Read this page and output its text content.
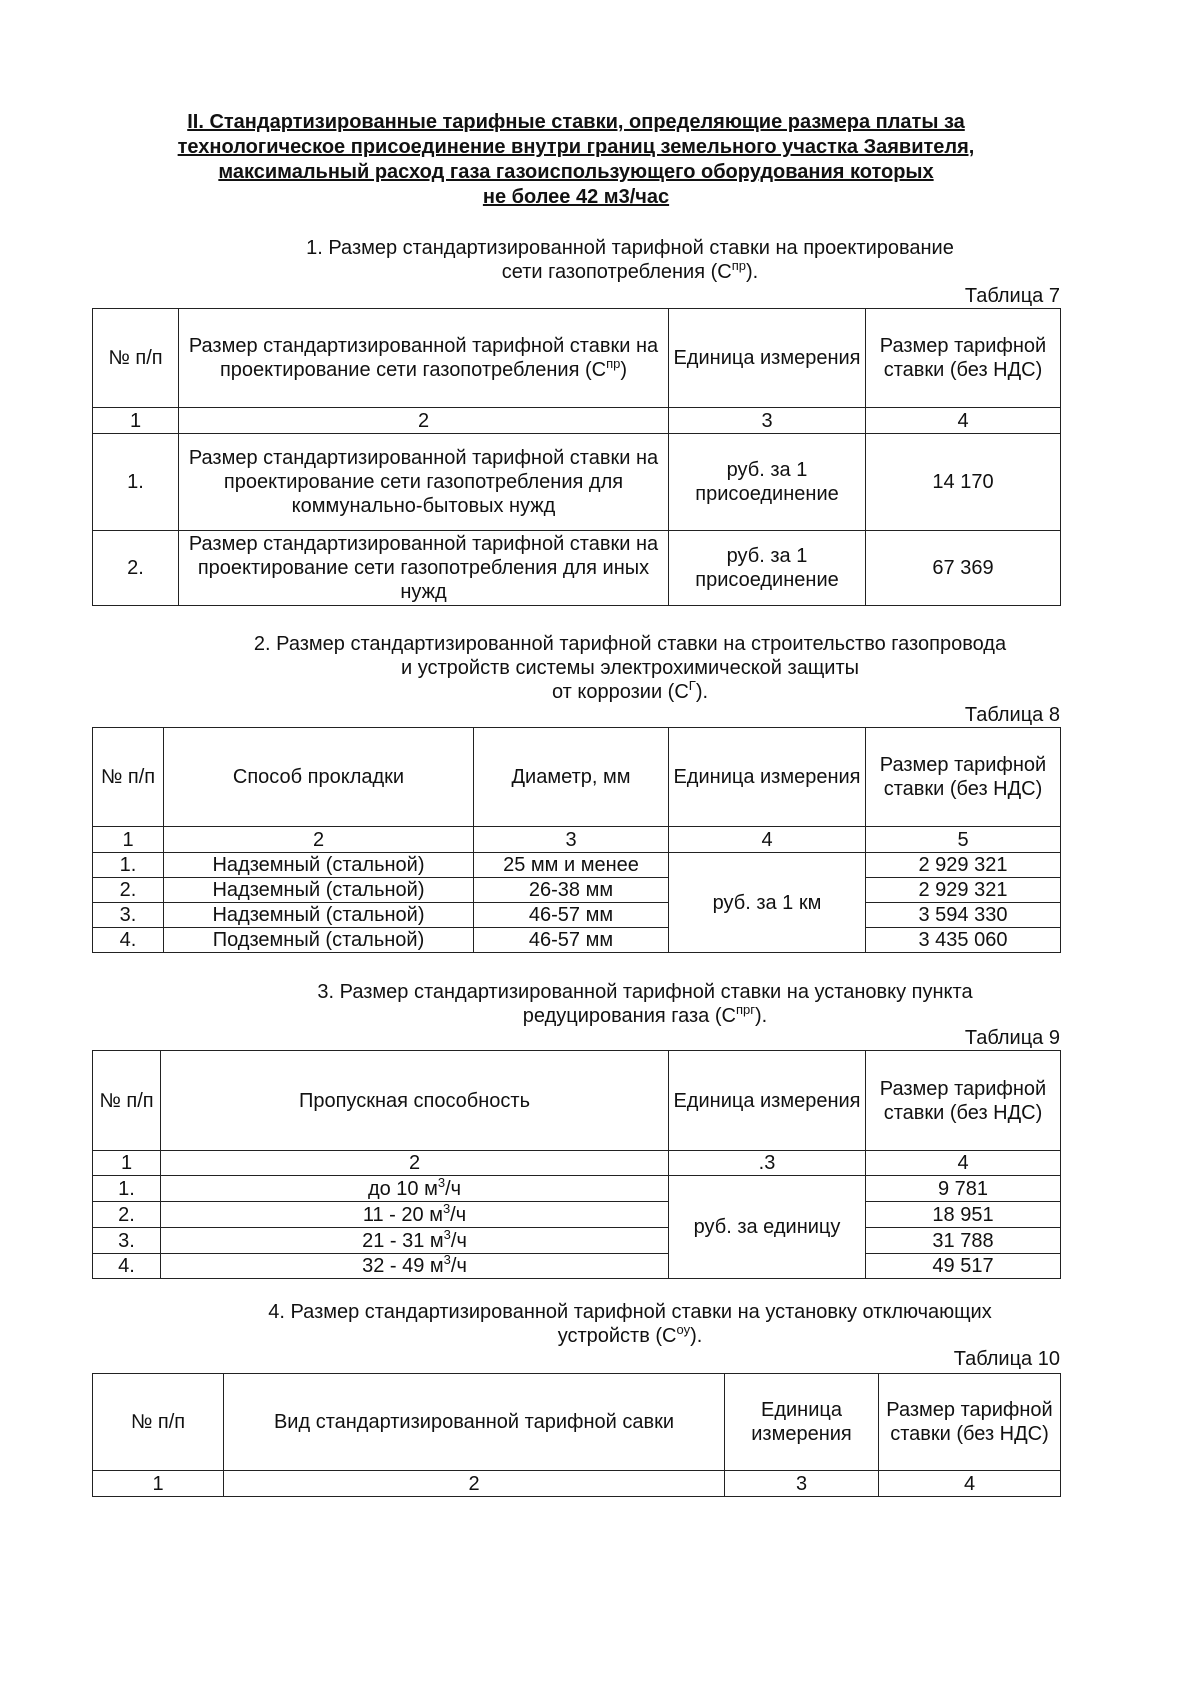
II. Стандартизированные тарифные ставки, определяющие размера платы за
технологическое присоединение внутри границ земельного участка Заявителя,
максимальный расход газа газоиспользующего оборудования которых
не более 42 м3/час
1. Размер стандартизированной тарифной ставки на проектирование
сети газопотребления $(С^{пр})$.
Таблица 7
№ п/п	Размер стандартизированной тарифной ставки на проектирование сети газопотребления $(С^{пр})$	Единица измерения	Размер тарифной ставки (без НДС)
1	2	3	4
1.	Размер стандартизированной тарифной ставки на проектирование сети газопотребления для коммунально-бытовых нужд	руб. за 1 присоединение	14 170
2.	Размер стандартизированной тарифной ставки на проектирование сети газопотребления для иных нужд	руб. за 1 присоединение	67 369
2. Размер стандартизированной тарифной ставки на строительство газопровода
и устройств системы электрохимической защиты
от коррозии $(С^Г)$.
Таблица 8
№ п/п	Способ прокладки	Диаметр, мм	Единица измерения	Размер тарифной ставки (без НДС)
1	2	3	4	5
1.	Надземный (стальной)	25 мм и менее	руб. за 1 км	2 929 321
2.	Надземный (стальной)	26-38 мм		2 929 321
3.	Надземный (стальной)	46-57 мм		3 594 330
4.	Подземный (стальной)	46-57 мм		3 435 060
3. Размер стандартизированной тарифной ставки на установку пункта
редуцирования газа $(С^{прг})$.
Таблица 9
№ п/п	Пропускная способность	Единица измерения	Размер тарифной ставки (без НДС)
1	2	.3	4
1.	до 10 $м^3/ч$	руб. за единицу	9 781
2.	11 - 20 $м^3/ч$		18 951
3.	21 - 31 $м^3/ч$		31 788
4.	32 - 49 $м^3/ч$		49 517
4. Размер стандартизированной тарифной ставки на установку отключающих
устройств $(С^{оу})$.
Таблица 10
№ п/п	Вид стандартизированной тарифной савки	Единица измерения	Размер тарифной ставки (без НДС)
1	2	3	4
